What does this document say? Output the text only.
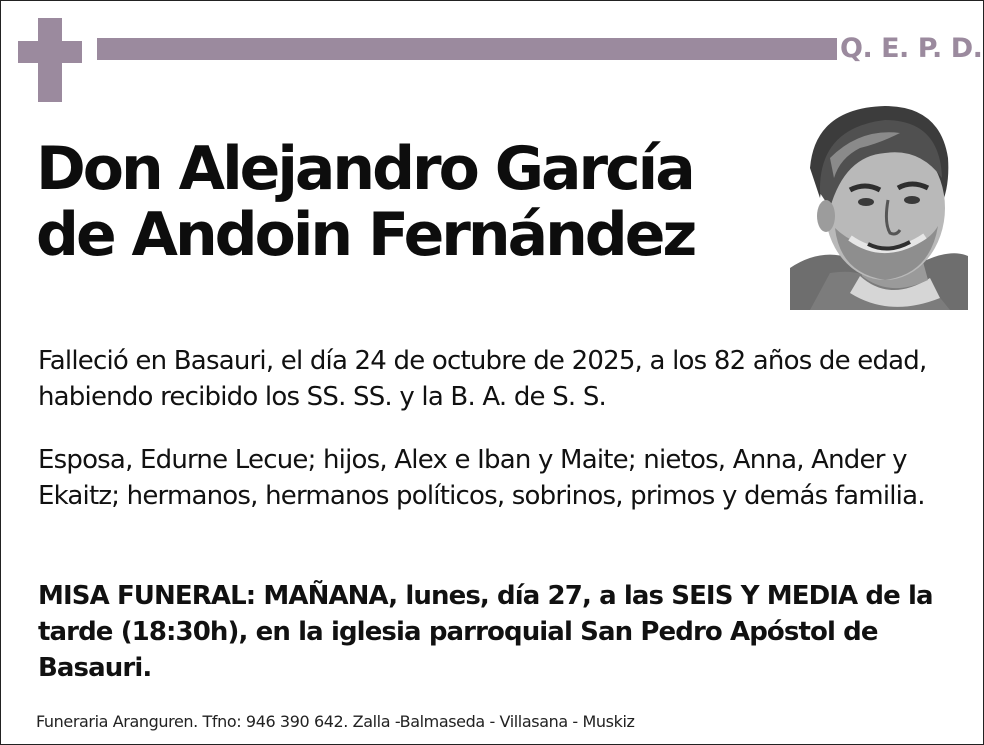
Q. E. P. D.
Don Alejandro García
de Andoin Fernández

Falleció en Basauri, el día 24 de octubre de 2025, a los 82 años de edad, habiendo recibido los SS. SS. y la B. A. de S. S.

Esposa, Edurne Lecue; hijos, Alex e Iban y Maite; nietos, Anna, Ander y Ekaitz; hermanos, hermanos políticos, sobrinos, primos y demás familia.

MISA FUNERAL: MAÑANA, lunes, día 27, a las SEIS Y MEDIA de la tarde (18:30h), en la iglesia parroquial San Pedro Apóstol de Basauri.

Funeraria Aranguren. Tfno: 946 390 642. Zalla -Balmaseda - Villasana - Muskiz
